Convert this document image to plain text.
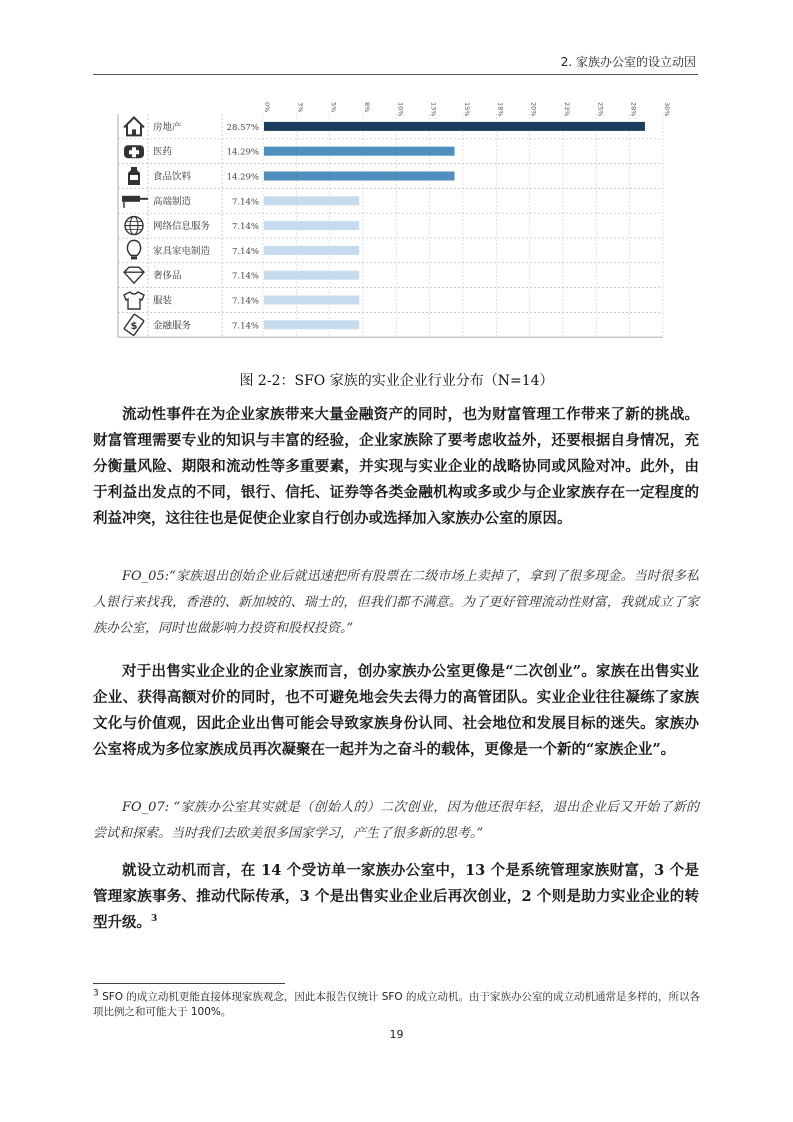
2. 家族办公室的设立动因
0%	3%	5%	8%	10%	13%	15%	18%	20%	23%	25%	28%	30%
房地产	28.57%
医药	14.29%
食品饮料	14.29%
高端制造	7.14%
网络信息服务	7.14%
家具家电制造	7.14%
奢侈品	7.14%
服装	7.14%
$ 金融服务	7.14%
图 2-2：SFO 家族的实业企业行业分布（N=14）

流动性事件在为企业家族带来大量金融资产的同时，也为财富管理工作带来了新的挑战。财富管理需要专业的知识与丰富的经验，企业家族除了要考虑收益外，还要根据自身情况，充分衡量风险、期限和流动性等多重要素，并实现与实业企业的战略协同或风险对冲。此外，由于利益出发点的不同，银行、信托、证券等各类金融机构或多或少与企业家族存在一定程度的利益冲突，这往往也是促使企业家自行创办或选择加入家族办公室的原因。

FO_05:“家族退出创始企业后就迅速把所有股票在二级市场上卖掉了，拿到了很多现金。当时很多私人银行来找我，香港的、新加坡的、瑞士的，但我们都不满意。为了更好管理流动性财富，我就成立了家族办公室，同时也做影响力投资和股权投资。”

对于出售实业企业的企业家族而言，创办家族办公室更像是“二次创业”。家族在出售实业企业、获得高额对价的同时，也不可避免地会失去得力的高管团队。实业企业往往凝练了家族文化与价值观，因此企业出售可能会导致家族身份认同、社会地位和发展目标的迷失。家族办公室将成为多位家族成员再次凝聚在一起并为之奋斗的载体，更像是一个新的“家族企业”。

FO_07: “家族办公室其实就是（创始人的）二次创业，因为他还很年轻，退出企业后又开始了新的尝试和探索。当时我们去欧美很多国家学习，产生了很多新的思考。”

就设立动机而言，在 14 个受访单一家族办公室中，13 个是系统管理家族财富，3 个是管理家族事务、推动代际传承，3 个是出售实业企业后再次创业，2 个则是助力实业企业的转型升级。$^3$

$^3$ SFO 的成立动机更能直接体现家族观念，因此本报告仅统计 SFO 的成立动机。由于家族办公室的成立动机通常是多样的，所以各项比例之和可能大于 100%。

19
